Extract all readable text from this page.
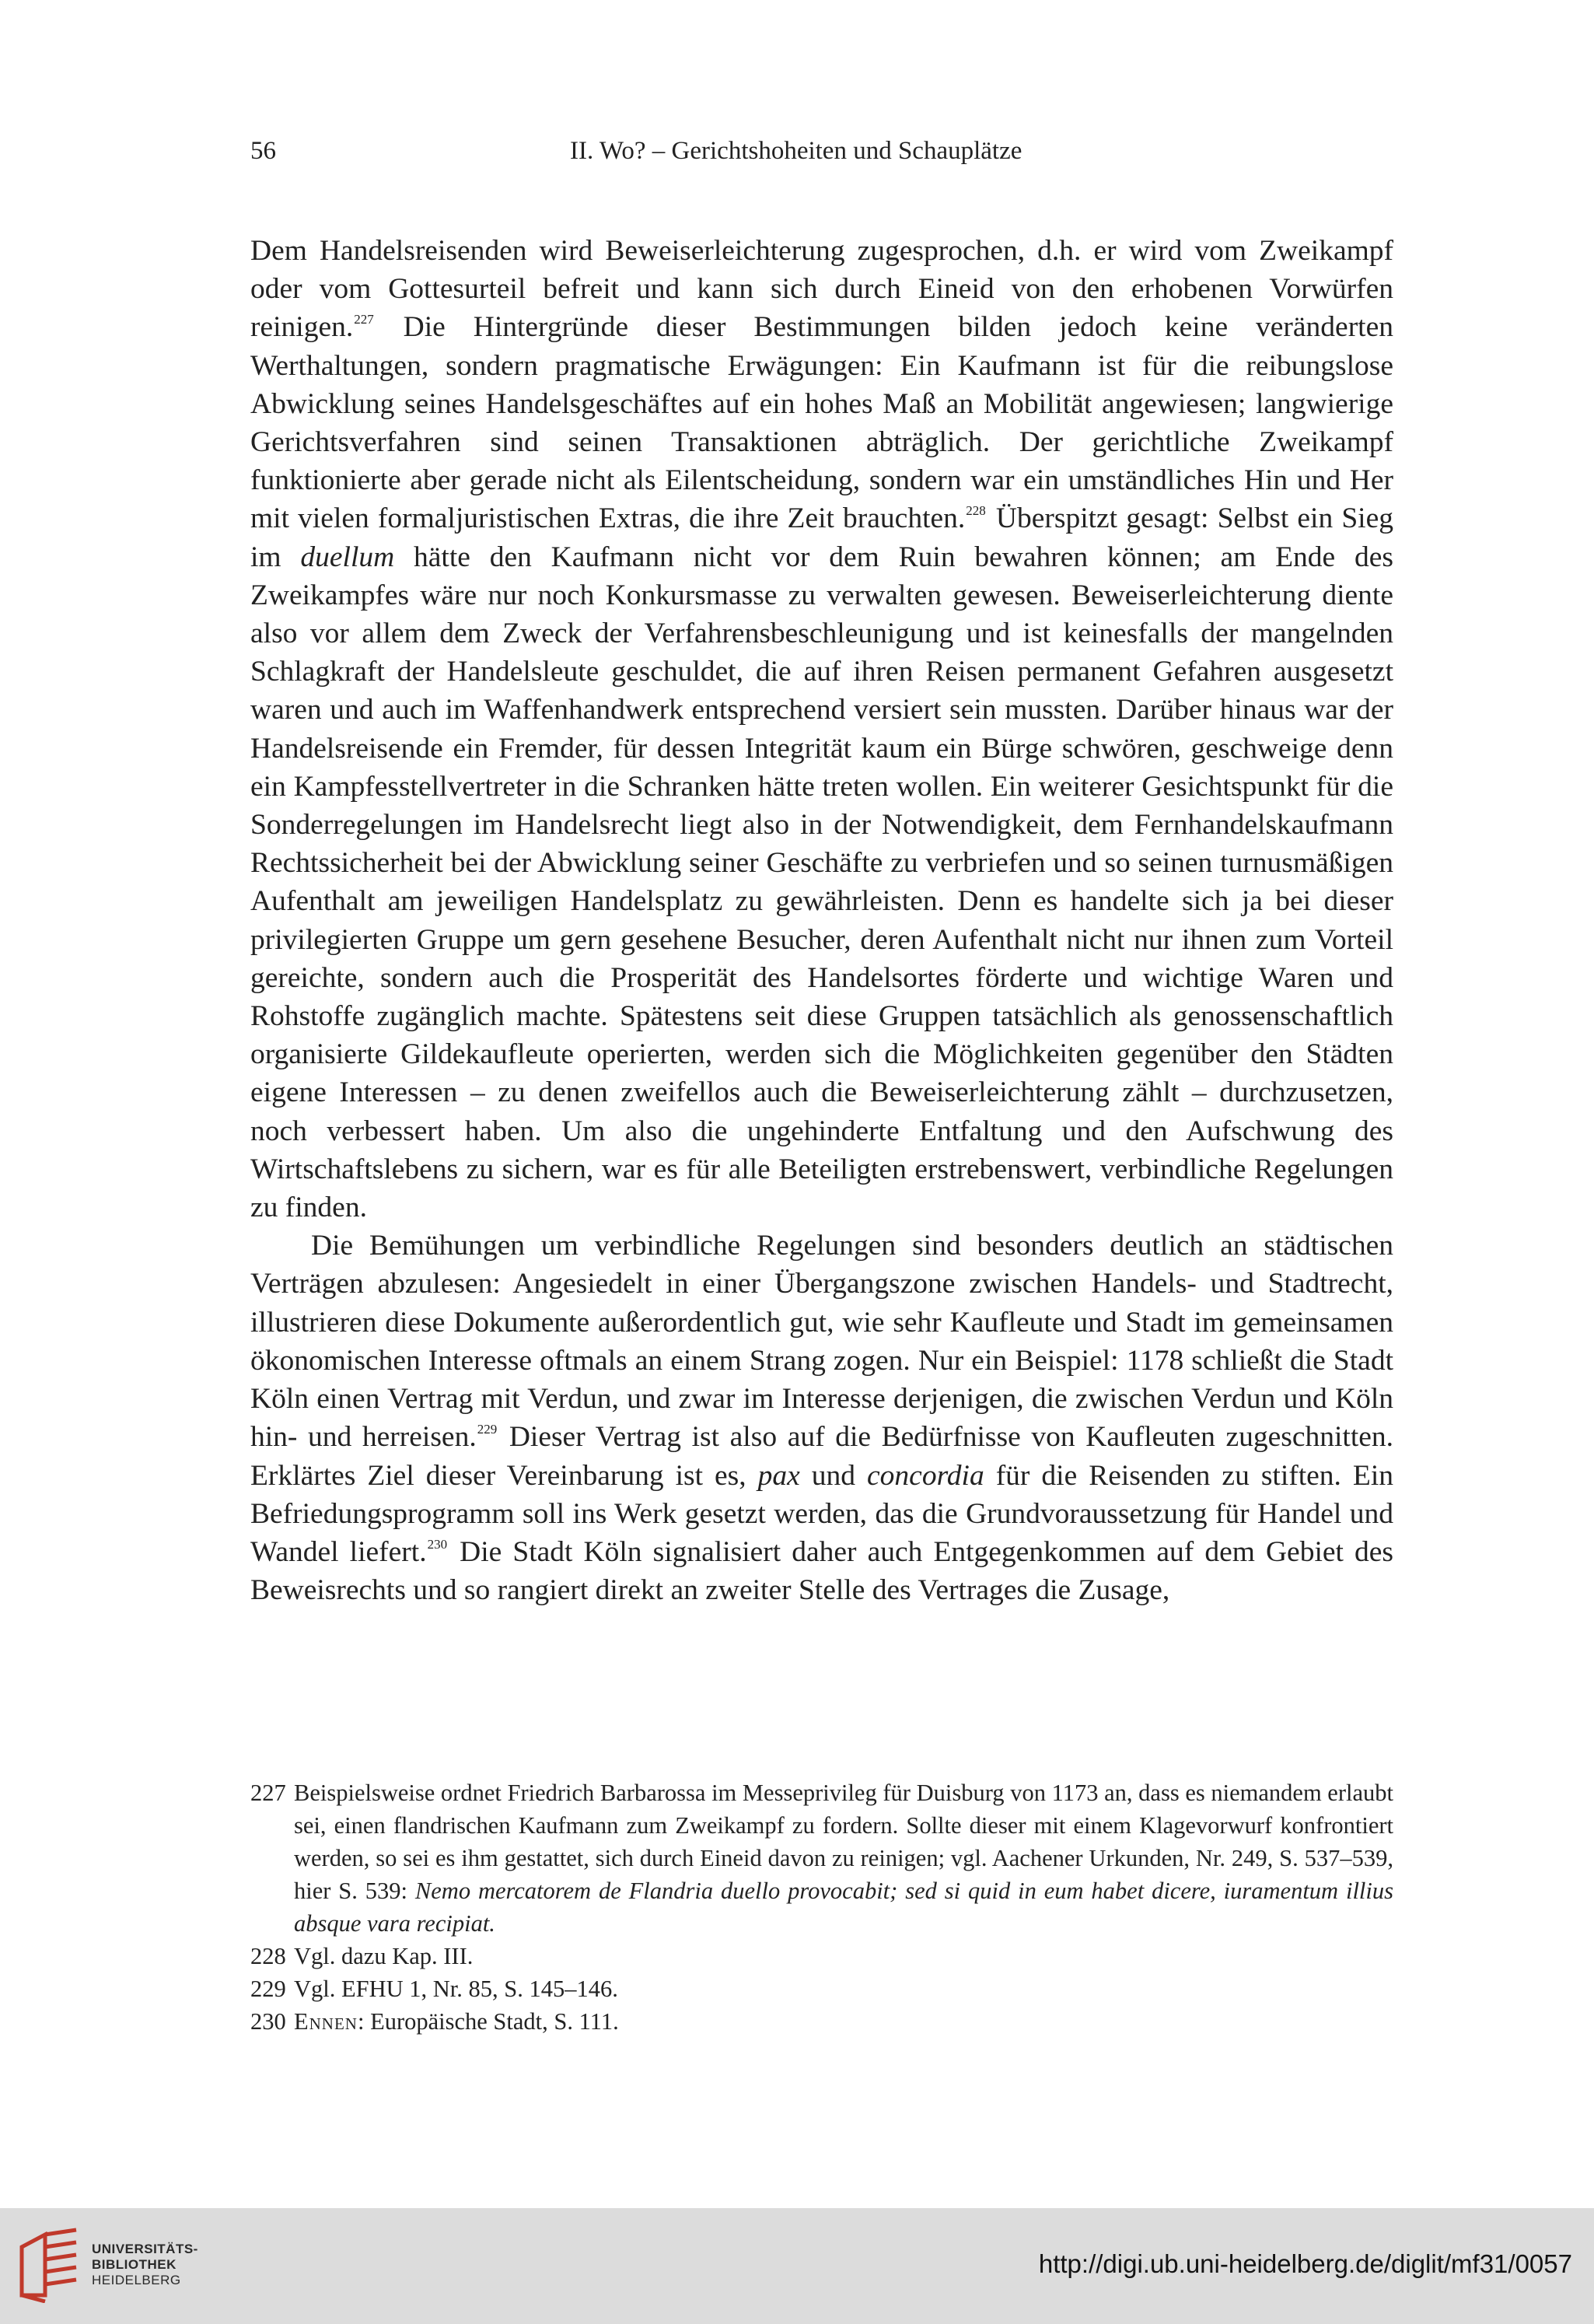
56	II. Wo? – Gerichtshoheiten und Schauplätze

Dem Handelsreisenden wird Beweiserleichterung zugesprochen, d.h. er wird vom Zweikampf oder vom Gottesurteil befreit und kann sich durch Eineid von den erhobenen Vorwürfen reinigen.$^{227}$ Die Hintergründe dieser Bestimmungen bilden jedoch keine veränderten Werthaltungen, sondern pragmatische Erwägungen: Ein Kaufmann ist für die reibungslose Abwicklung seines Handelsgeschäftes auf ein hohes Maß an Mobilität angewiesen; langwierige Gerichtsverfahren sind seinen Transaktionen abträglich. Der gerichtliche Zweikampf funktionierte aber gerade nicht als Eilentscheidung, sondern war ein umständliches Hin und Her mit vielen formaljuristischen Extras, die ihre Zeit brauchten.$^{228}$ Überspitzt gesagt: Selbst ein Sieg im duellum hätte den Kaufmann nicht vor dem Ruin bewahren können; am Ende des Zweikampfes wäre nur noch Konkursmasse zu verwalten gewesen. Beweiserleichterung diente also vor allem dem Zweck der Verfahrensbeschleunigung und ist keinesfalls der mangelnden Schlagkraft der Handelsleute geschuldet, die auf ihren Reisen permanent Gefahren ausgesetzt waren und auch im Waffenhandwerk entsprechend versiert sein mussten. Darüber hinaus war der Handelsreisende ein Fremder, für dessen Integrität kaum ein Bürge schwören, geschweige denn ein Kampfesstellvertreter in die Schranken hätte treten wollen. Ein weiterer Gesichtspunkt für die Sonderregelungen im Handelsrecht liegt also in der Notwendigkeit, dem Fernhandelskaufmann Rechtssicherheit bei der Abwicklung seiner Geschäfte zu verbriefen und so seinen turnusmäßigen Aufenthalt am jeweiligen Handelsplatz zu gewährleisten. Denn es handelte sich ja bei dieser privilegierten Gruppe um gern gesehene Besucher, deren Aufenthalt nicht nur ihnen zum Vorteil gereichte, sondern auch die Prosperität des Handelsortes förderte und wichtige Waren und Rohstoffe zugänglich machte. Spätestens seit diese Gruppen tatsächlich als genossenschaftlich organisierte Gildekaufleute operierten, werden sich die Möglichkeiten gegenüber den Städten eigene Interessen – zu denen zweifellos auch die Beweiserleichterung zählt – durchzusetzen, noch verbessert haben. Um also die ungehinderte Entfaltung und den Aufschwung des Wirtschaftslebens zu sichern, war es für alle Beteiligten erstrebenswert, verbindliche Regelungen zu finden.

Die Bemühungen um verbindliche Regelungen sind besonders deutlich an städtischen Verträgen abzulesen: Angesiedelt in einer Übergangszone zwischen Handels- und Stadtrecht, illustrieren diese Dokumente außerordentlich gut, wie sehr Kaufleute und Stadt im gemeinsamen ökonomischen Interesse oftmals an einem Strang zogen. Nur ein Beispiel: 1178 schließt die Stadt Köln einen Vertrag mit Verdun, und zwar im Interesse derjenigen, die zwischen Verdun und Köln hin- und herreisen.$^{229}$ Dieser Vertrag ist also auf die Bedürfnisse von Kaufleuten zugeschnitten. Erklärtes Ziel dieser Vereinbarung ist es, pax und concordia für die Reisenden zu stiften. Ein Befriedungsprogramm soll ins Werk gesetzt werden, das die Grundvoraussetzung für Handel und Wandel liefert.$^{230}$ Die Stadt Köln signalisiert daher auch Entgegenkommen auf dem Gebiet des Beweisrechts und so rangiert direkt an zweiter Stelle des Vertrages die Zusage,

227 Beispielsweise ordnet Friedrich Barbarossa im Messeprivileg für Duisburg von 1173 an, dass es niemandem erlaubt sei, einen flandrischen Kaufmann zum Zweikampf zu fordern. Sollte dieser mit einem Klagevorwurf konfrontiert werden, so sei es ihm gestattet, sich durch Eineid davon zu reinigen; vgl. Aachener Urkunden, Nr. 249, S. 537–539, hier S. 539: Nemo mercatorem de Flandria duello provocabit; sed si quid in eum habet dicere, iuramentum illius absque vara recipiat.
228 Vgl. dazu Kap. III.
229 Vgl. EFHU 1, Nr. 85, S. 145–146.
230 Ennen: Europäische Stadt, S. 111.
UNIVERSITÄTS-
BIBLIOTHEK
HEIDELBERG
http://digi.ub.uni-heidelberg.de/diglit/mf31/0057
